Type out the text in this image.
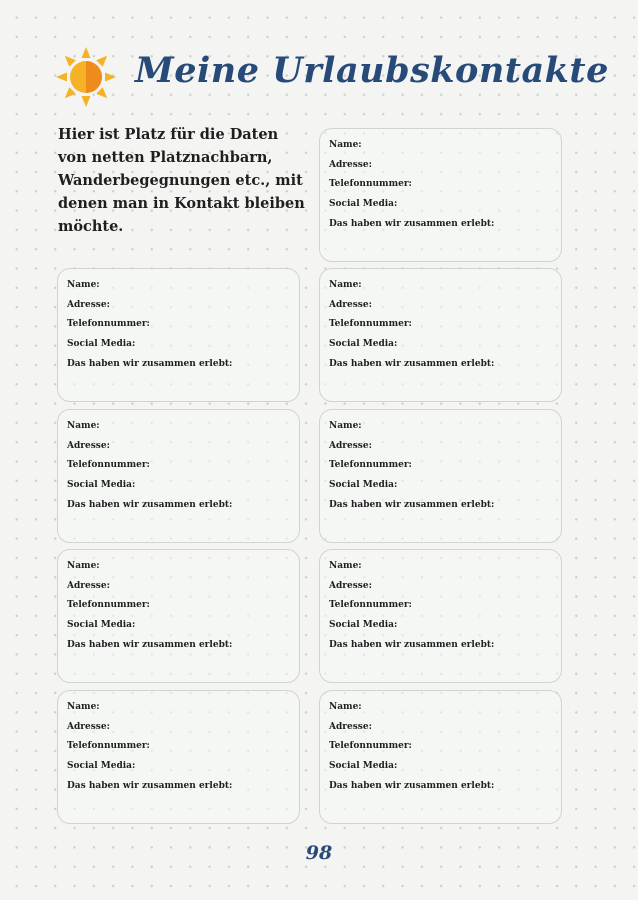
Meine Urlaubskontakte
Hier ist Platz für die Daten von netten Platznachbarn, Wanderbegegnungen etc., mit denen man in Kontakt bleiben möchte.
Name:
Adresse:
Telefonnummer:
Social Media:
Das haben wir zusammen erlebt:
Name:
Adresse:
Telefonnummer:
Social Media:
Das haben wir zusammen erlebt:
Name:
Adresse:
Telefonnummer:
Social Media:
Das haben wir zusammen erlebt:
Name:
Adresse:
Telefonnummer:
Social Media:
Das haben wir zusammen erlebt:
Name:
Adresse:
Telefonnummer:
Social Media:
Das haben wir zusammen erlebt:
Name:
Adresse:
Telefonnummer:
Social Media:
Das haben wir zusammen erlebt:
Name:
Adresse:
Telefonnummer:
Social Media:
Das haben wir zusammen erlebt:
Name:
Adresse:
Telefonnummer:
Social Media:
Das haben wir zusammen erlebt:
Name:
Adresse:
Telefonnummer:
Social Media:
Das haben wir zusammen erlebt:
98
